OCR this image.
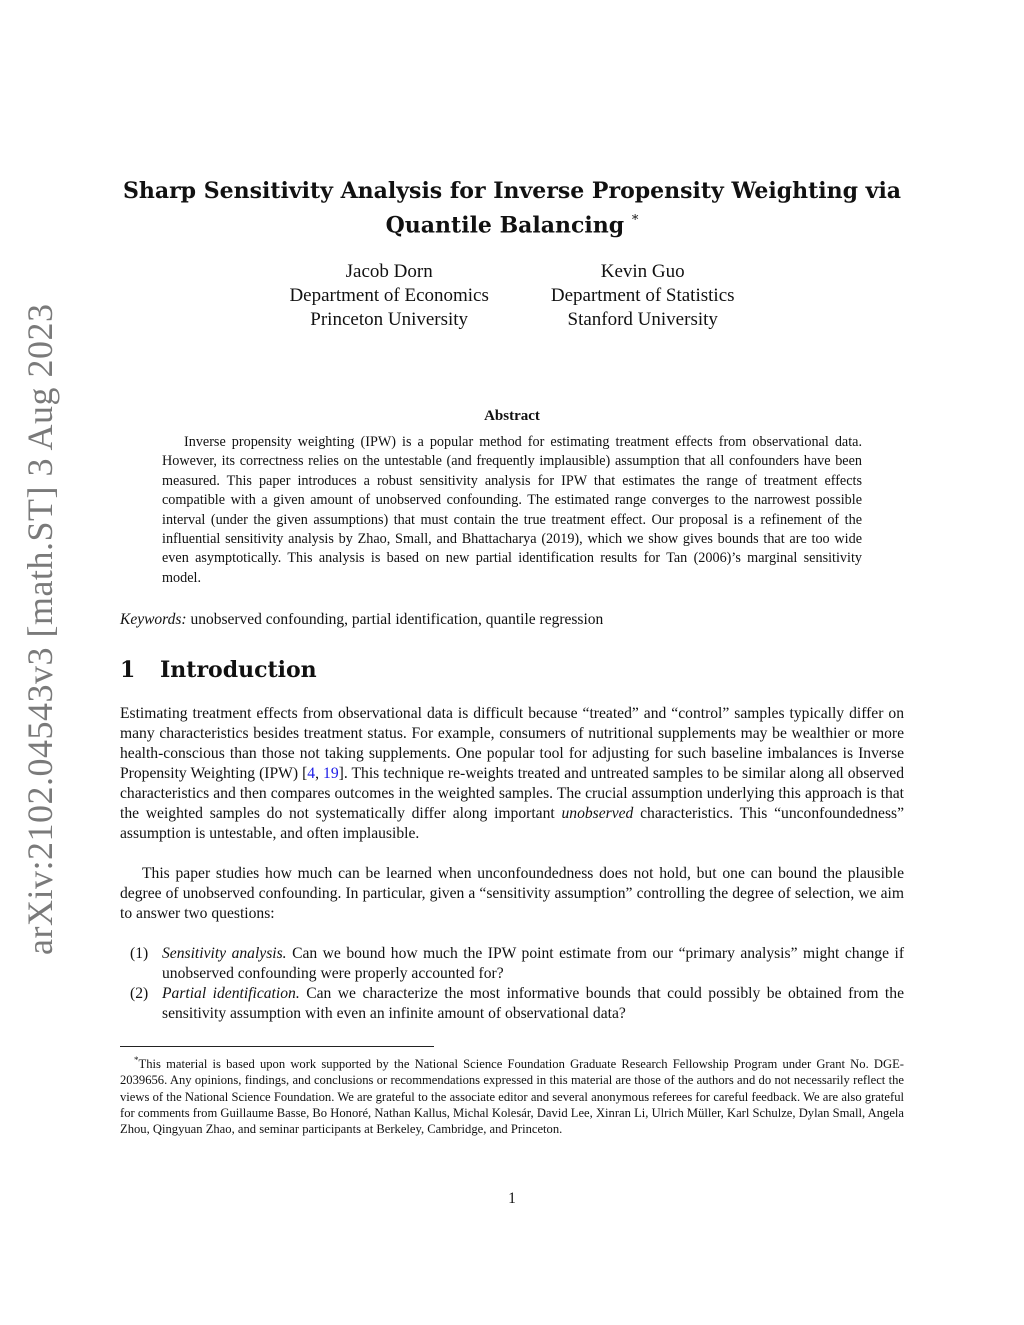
arXiv:2102.04543v3 [math.ST] 3 Aug 2023
Sharp Sensitivity Analysis for Inverse Propensity Weighting via
Quantile Balancing *
Jacob Dorn
Department of Economics
Princeton University
Kevin Guo
Department of Statistics
Stanford University
Abstract
Inverse propensity weighting (IPW) is a popular method for estimating treatment effects from observational data. However, its correctness relies on the untestable (and frequently implausible) assumption that all confounders have been measured. This paper introduces a robust sensitivity analysis for IPW that estimates the range of treatment effects compatible with a given amount of unobserved confounding. The estimated range converges to the narrowest possible interval (under the given assumptions) that must contain the true treatment effect. Our proposal is a refinement of the influential sensitivity analysis by Zhao, Small, and Bhattacharya (2019), which we show gives bounds that are too wide even asymptotically. This analysis is based on new partial identification results for Tan (2006)’s marginal sensitivity model.
Keywords: unobserved confounding, partial identification, quantile regression
1 Introduction
Estimating treatment effects from observational data is difficult because “treated” and “control” samples typically differ on many characteristics besides treatment status. For example, consumers of nutritional supplements may be wealthier or more health-conscious than those not taking supplements. One popular tool for adjusting for such baseline imbalances is Inverse Propensity Weighting (IPW) [4, 19]. This technique re-weights treated and untreated samples to be similar along all observed characteristics and then compares outcomes in the weighted samples. The crucial assumption underlying this approach is that the weighted samples do not systematically differ along important unobserved characteristics. This “unconfoundedness” assumption is untestable, and often implausible.
This paper studies how much can be learned when unconfoundedness does not hold, but one can bound the plausible degree of unobserved confounding. In particular, given a “sensitivity assumption” controlling the degree of selection, we aim to answer two questions:
(1) Sensitivity analysis. Can we bound how much the IPW point estimate from our “primary analysis” might change if unobserved confounding were properly accounted for?
(2) Partial identification. Can we characterize the most informative bounds that could possibly be obtained from the sensitivity assumption with even an infinite amount of observational data?
*This material is based upon work supported by the National Science Foundation Graduate Research Fellowship Program under Grant No. DGE-2039656. Any opinions, findings, and conclusions or recommendations expressed in this material are those of the authors and do not necessarily reflect the views of the National Science Foundation. We are grateful to the associate editor and several anonymous referees for careful feedback. We are also grateful for comments from Guillaume Basse, Bo Honoré, Nathan Kallus, Michal Kolesár, David Lee, Xinran Li, Ulrich Müller, Karl Schulze, Dylan Small, Angela Zhou, Qingyuan Zhao, and seminar participants at Berkeley, Cambridge, and Princeton.
1
